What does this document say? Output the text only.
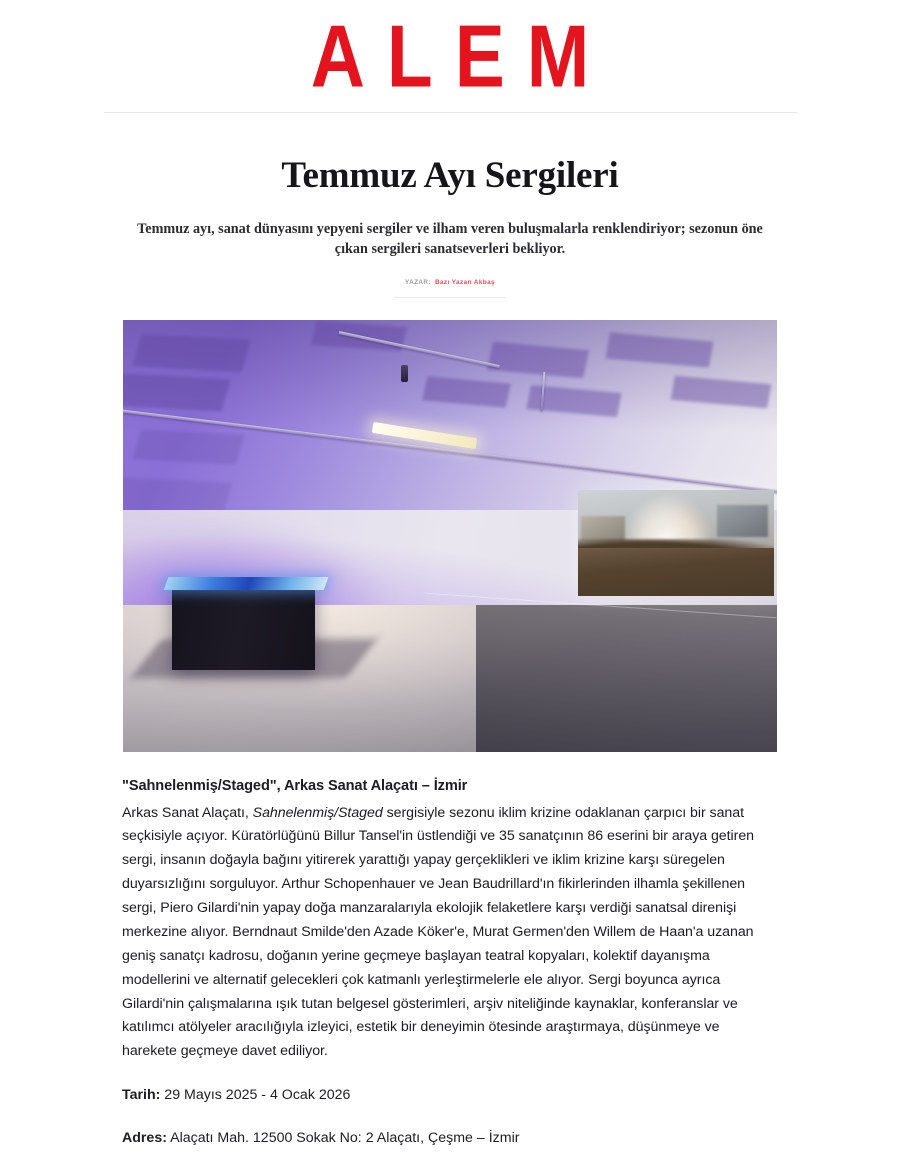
ALEM
Temmuz Ayı Sergileri

Temmuz ayı, sanat dünyasını yepyeni sergiler ve ilham veren buluşmalarla renklendiriyor; sezonun öne çıkan sergileri sanatseverleri bekliyor.

YAZAR: Bazı Yazan Akbaş
"Sahnelenmiş/Staged", Arkas Sanat Alaçatı – İzmir

Arkas Sanat Alaçatı, Sahnelenmiş/Staged sergisiyle sezonu iklim krizine odaklanan çarpıcı bir sanat seçkisiyle açıyor. Küratörlüğünü Billur Tansel'in üstlendiği ve 35 sanatçının 86 eserini bir araya getiren sergi, insanın doğayla bağını yitirerek yarattığı yapay gerçeklikleri ve iklim krizine karşı süregelen duyarsızlığını sorguluyor. Arthur Schopenhauer ve Jean Baudrillard'ın fikirlerinden ilhamla şekillenen sergi, Piero Gilardi'nin yapay doğa manzaralarıyla ekolojik felaketlere karşı verdiği sanatsal direnişi merkezine alıyor. Berndnaut Smilde'den Azade Köker'e, Murat Germen'den Willem de Haan'a uzanan geniş sanatçı kadrosu, doğanın yerine geçmeye başlayan teatral kopyaları, kolektif dayanışma modellerini ve alternatif gelecekleri çok katmanlı yerleştirmelerle ele alıyor. Sergi boyunca ayrıca Gilardi'nin çalışmalarına ışık tutan belgesel gösterimleri, arşiv niteliğinde kaynaklar, konferanslar ve katılımcı atölyeler aracılığıyla izleyici, estetik bir deneyimin ötesinde araştırmaya, düşünmeye ve harekete geçmeye davet ediliyor.

Tarih: 29 Mayıs 2025 - 4 Ocak 2026

Adres: Alaçatı Mah. 12500 Sokak No: 2 Alaçatı, Çeşme – İzmir
